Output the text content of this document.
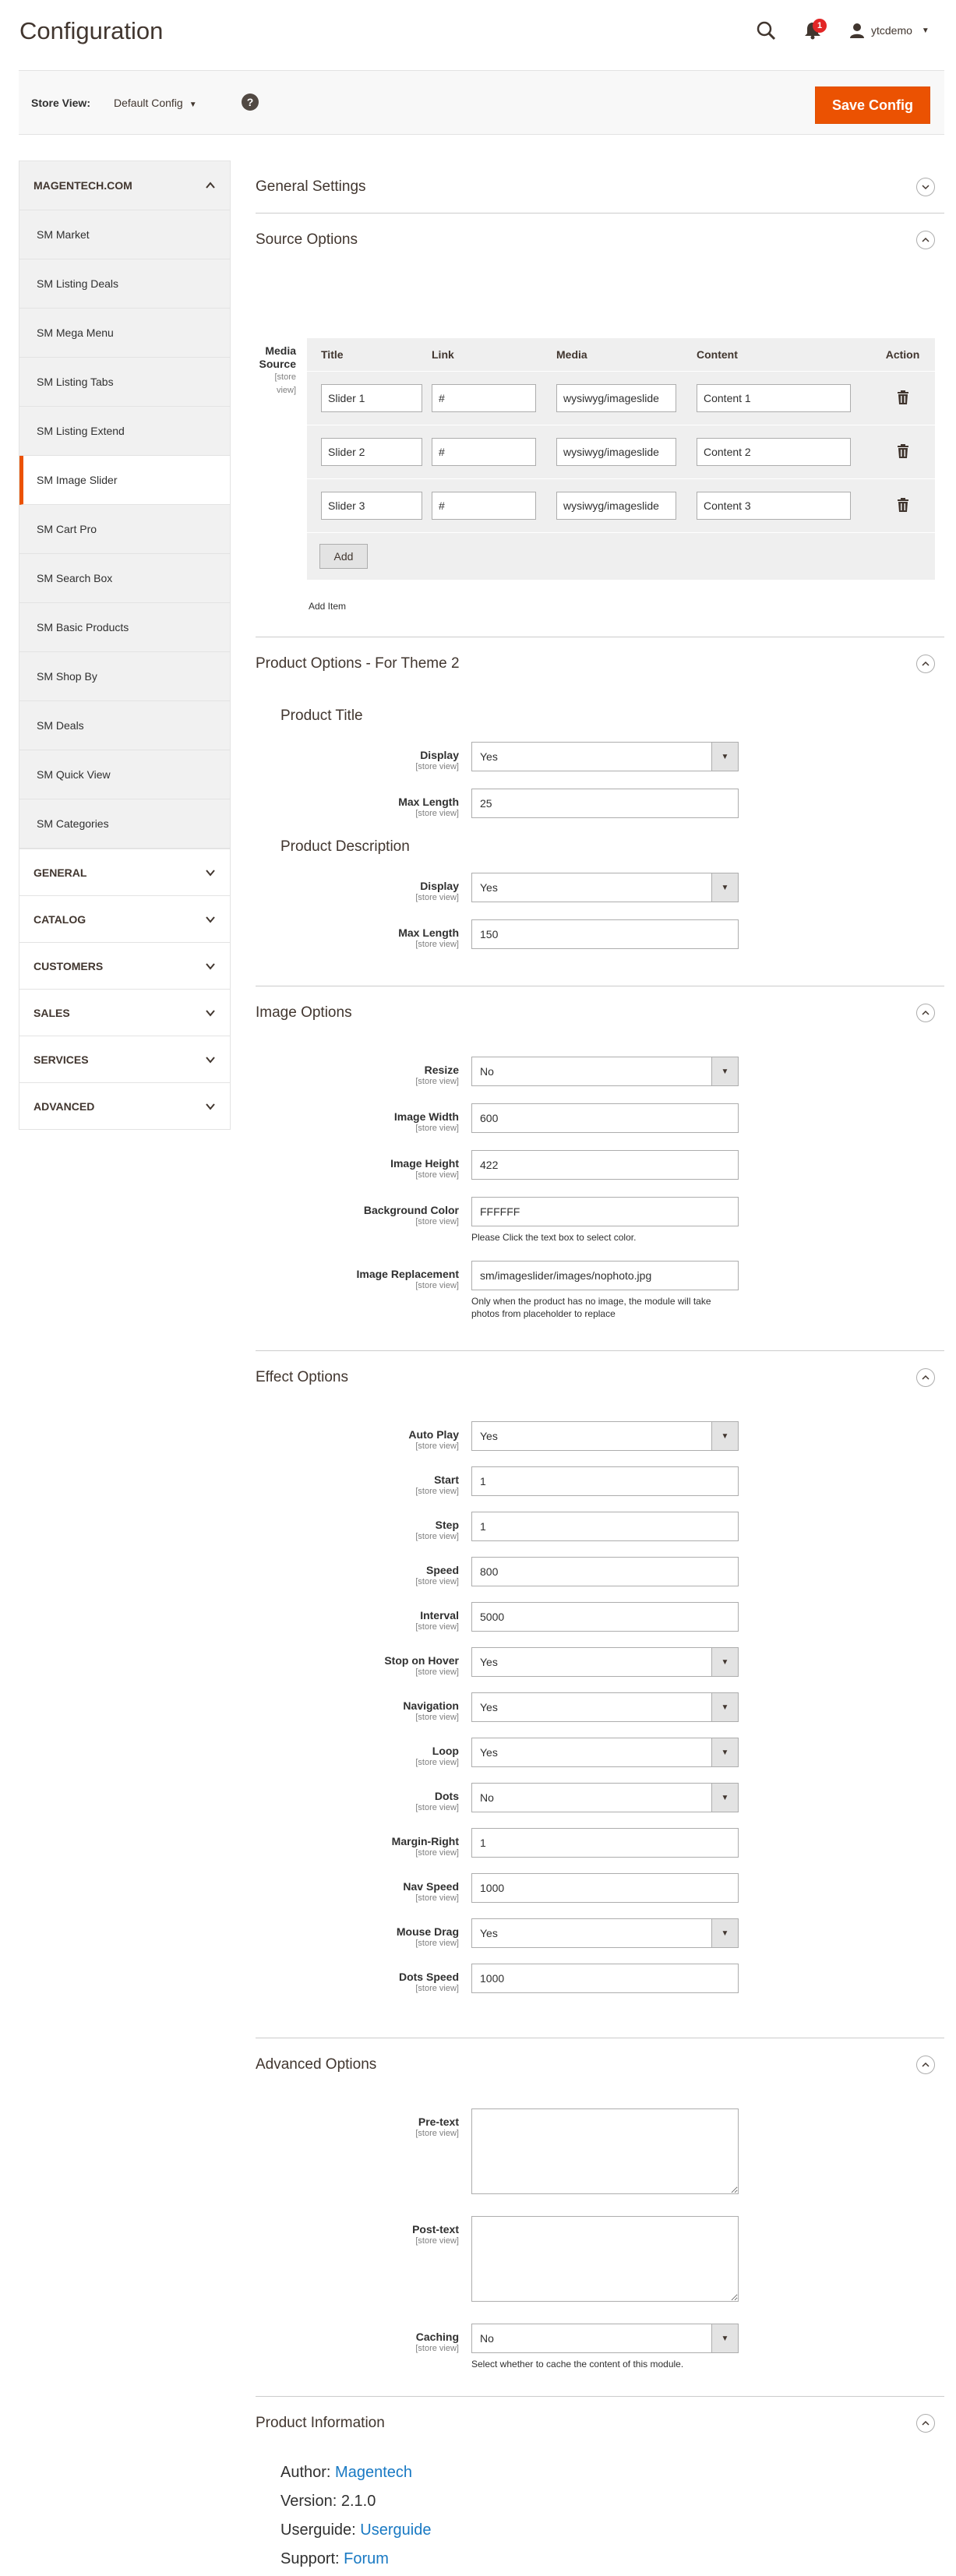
Configuration	1	ytcdemo ▼
Store View: Default Config ▼	?	Save Config
MAGENTECH.COM
SM Market
SM Listing Deals
SM Mega Menu
SM Listing Tabs
SM Listing Extend
SM Image Slider
SM Cart Pro
SM Search Box
SM Basic Products
SM Shop By
SM Deals
SM Quick View
SM Categories
GENERAL
CATALOG
CUSTOMERS
SALES
SERVICES
ADVANCED
General Settings
Source Options
Media Source
[store view]
Title	Link	Media	Content	Action
Slider 1	#	wysiwyg/imageslide	Content 1
Slider 2	#	wysiwyg/imageslide	Content 2
Slider 3	#	wysiwyg/imageslide	Content 3
Add
Add Item
Product Options - For Theme 2
Product Title
Display
[store view]
Yes	▼
Max Length
[store view]
25
Product Description
Display
[store view]
Yes	▼
Max Length
[store view]
150
Image Options
Resize
[store view]
No	▼
Image Width
[store view]
600
Image Height
[store view]
422
Background Color
[store view]
FFFFFF
Please Click the text box to select color.
Image Replacement
[store view]
sm/imageslider/images/nophoto.jpg
Only when the product has no image, the module will take photos from placeholder to replace
Effect Options
Auto Play
[store view]
Yes	▼
Start
[store view]
1
Step
[store view]
1
Speed
[store view]
800
Interval
[store view]
5000
Stop on Hover
[store view]
Yes	▼
Navigation
[store view]
Yes	▼
Loop
[store view]
Yes	▼
Dots
[store view]
No	▼
Margin-Right
[store view]
1
Nav Speed
[store view]
1000
Mouse Drag
[store view]
Yes	▼
Dots Speed
[store view]
1000
Advanced Options
Pre-text
[store view]
Post-text
[store view]
Caching
[store view]
No	▼
Select whether to cache the content of this module.
Product Information
Author: Magentech
Version: 2.1.0
Userguide: Userguide
Support: Forum
